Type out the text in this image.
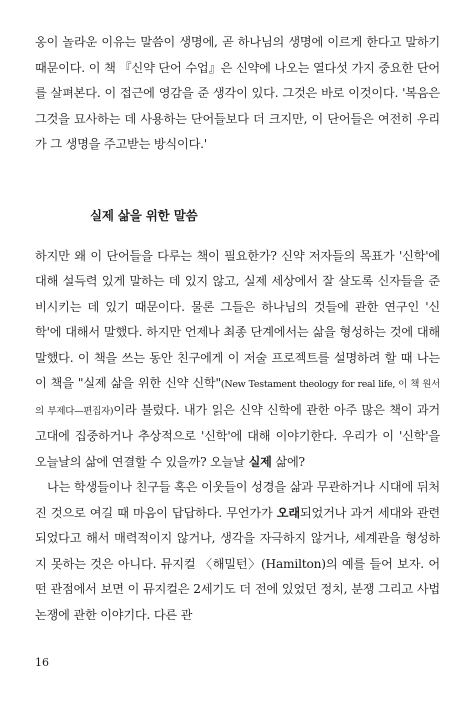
옹이 놀라운 이유는 말씀이 생명에, 곧 하나님의 생명에 이르게 한다고 말하기 때문이다. 이 책 『신약 단어 수업』은 신약에 나오는 열다섯 가지 중요한 단어를 살펴본다. 이 접근에 영감을 준 생각이 있다. 그것은 바로 이것이다. '복음은 그것을 묘사하는 데 사용하는 단어들보다 더 크지만, 이 단어들은 여전히 우리가 그 생명을 주고받는 방식이다.'

실제 삶을 위한 말씀

하지만 왜 이 단어들을 다루는 책이 필요한가? 신약 저자들의 목표가 '신학'에 대해 설득력 있게 말하는 데 있지 않고, 실제 세상에서 잘 살도록 신자들을 준비시키는 데 있기 때문이다. 물론 그들은 하나님의 것들에 관한 연구인 '신학'에 대해서 말했다. 하지만 언제나 최종 단계에서는 삶을 형성하는 것에 대해 말했다. 이 책을 쓰는 동안 친구에게 이 저술 프로젝트를 설명하려 할 때 나는 이 책을 "실제 삶을 위한 신약 신학"(New Testament theology for real life, 이 책 원서의 부제다—편집자)이라 불렀다. 내가 읽은 신약 신학에 관한 아주 많은 책이 과거 고대에 집중하거나 추상적으로 '신학'에 대해 이야기한다. 우리가 이 '신학'을 오늘날의 삶에 연결할 수 있을까? 오늘날 실제 삶에?

나는 학생들이나 친구들 혹은 이웃들이 성경을 삶과 무관하거나 시대에 뒤처진 것으로 여길 때 마음이 답답하다. 무언가가 오래되었거나 과거 세대와 관련되었다고 해서 매력적이지 않거나, 생각을 자극하지 않거나, 세계관을 형성하지 못하는 것은 아니다. 뮤지컬 〈해밀턴〉(Hamilton)의 예를 들어 보자. 어떤 관점에서 보면 이 뮤지컬은 2세기도 더 전에 있었던 정치, 분쟁 그리고 사법 논쟁에 관한 이야기다. 다른 관

16
